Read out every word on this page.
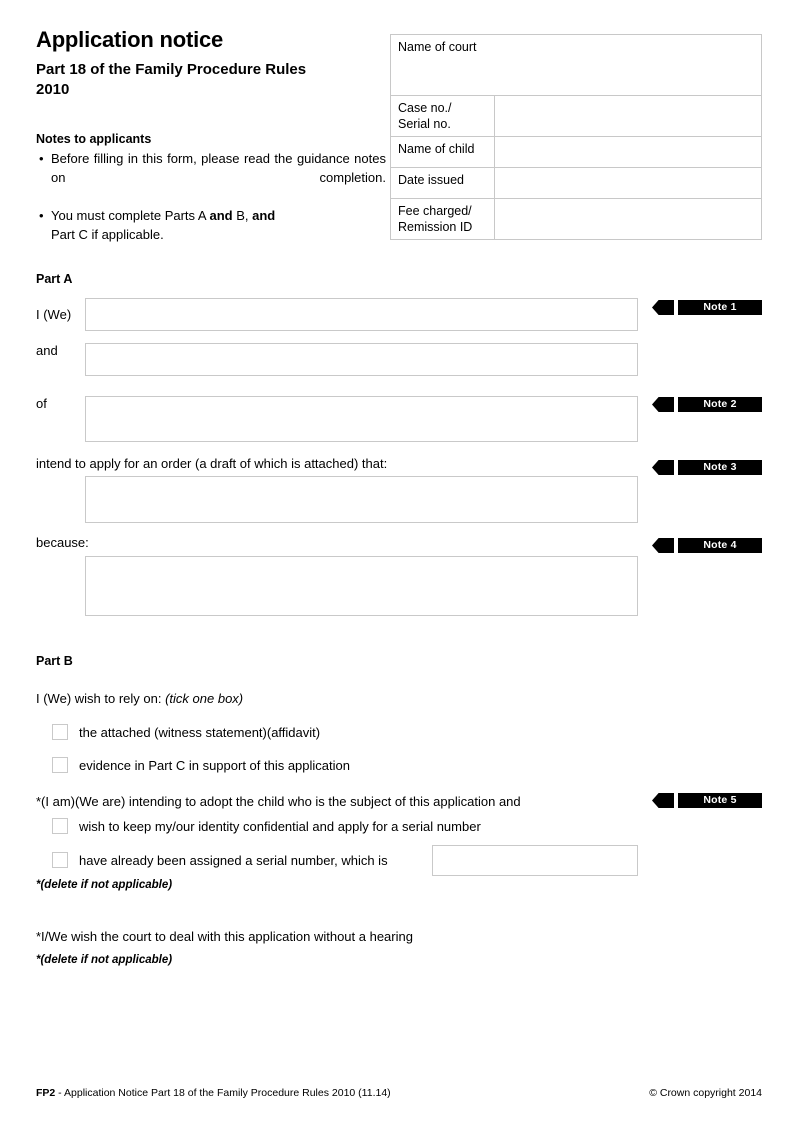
Application notice
Part 18 of the Family Procedure Rules 2010
Notes to applicants
• Before filling in this form, please read the guidance notes on completion.
• You must complete Parts A and B, and
Part C if applicable.
Name of court	
Case no./
Serial no.	
Name of child	
Date issued	
Fee charged/
Remission ID	
Part A
I (We)
and
of
intend to apply for an order (a draft of which is attached) that:
because:
Note 1
Note 2
Note 3
Note 4
Note 5
Part B
I (We) wish to rely on: (tick one box)
the attached (witness statement)(affidavit)
evidence in Part C in support of this application
*(I am)(We are) intending to adopt the child who is the subject of this application and
wish to keep my/our identity confidential and apply for a serial number
have already been assigned a serial number, which is
*(delete if not applicable)
*I/We wish the court to deal with this application without a hearing
*(delete if not applicable)
FP2 - Application Notice Part 18 of the Family Procedure Rules 2010 (11.14)	© Crown copyright 2014
